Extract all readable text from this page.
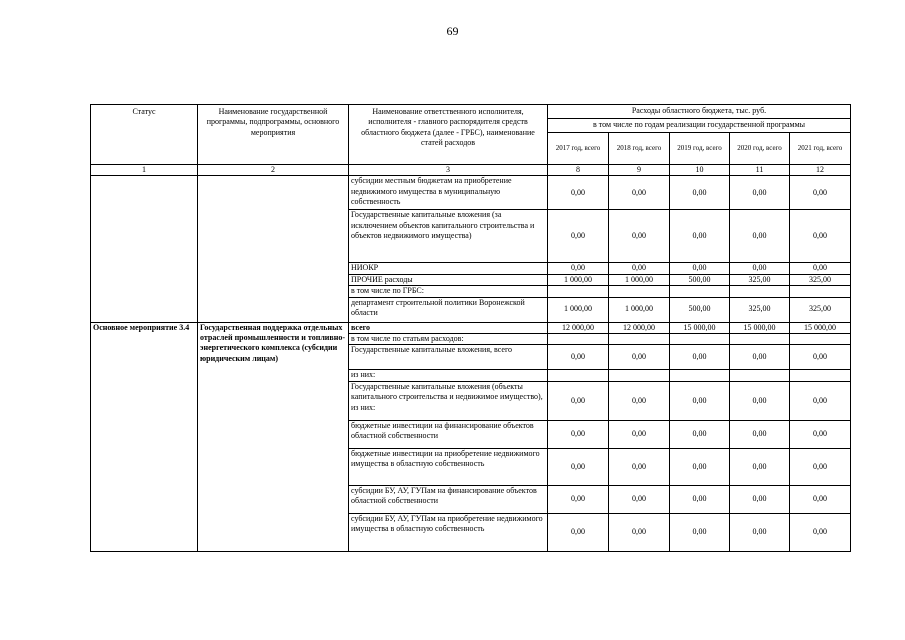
69
Статус	Наименование государственной программы, подпрограммы, основного мероприятия	Наименование ответственного исполнителя, исполнителя - главного распорядителя средств областного бюджета (далее - ГРБС), наименование статей расходов	Расходы областного бюджета, тыс. руб.				
			в том числе по годам реализации государственной программы				
			2017 год, всего	2018 год, всего	2019 год, всего	2020 год, всего	2021 год, всего
1	2	3	8	9	10	11	12
		субсидии местным бюджетам на приобретение недвижимого имущества в муниципальную собственность	0,00	0,00	0,00	0,00	0,00
		Государственные капитальные вложения (за исключением объектов капитального строительства и объектов недвижимого имущества)	0,00	0,00	0,00	0,00	0,00
		НИОКР	0,00	0,00	0,00	0,00	0,00
		ПРОЧИЕ расходы	1 000,00	1 000,00	500,00	325,00	325,00
		в том числе по ГРБС:					
		департамент строительной политики Воронежской области	1 000,00	1 000,00	500,00	325,00	325,00
Основное мероприятие 3.4	Государственная поддержка отдельных отраслей промышленности и топливно-энергетического комплекса (субсидии юридическим лицам)	всего	12 000,00	12 000,00	15 000,00	15 000,00	15 000,00
		в том числе по статьям расходов:					
		Государственные капитальные вложения, всего	0,00	0,00	0,00	0,00	0,00
		из них:					
		Государственные капитальные вложения (объекты капитального строительства и недвижимое имущество), из них:	0,00	0,00	0,00	0,00	0,00
		бюджетные инвестиции на финансирование объектов областной собственности	0,00	0,00	0,00	0,00	0,00
		бюджетные инвестиции на приобретение недвижимого имущества в областную собственность	0,00	0,00	0,00	0,00	0,00
		субсидии БУ, АУ, ГУПам на финансирование объектов областной собственности	0,00	0,00	0,00	0,00	0,00
		субсидии БУ, АУ, ГУПам на приобретение недвижимого имущества в областную собственность	0,00	0,00	0,00	0,00	0,00
